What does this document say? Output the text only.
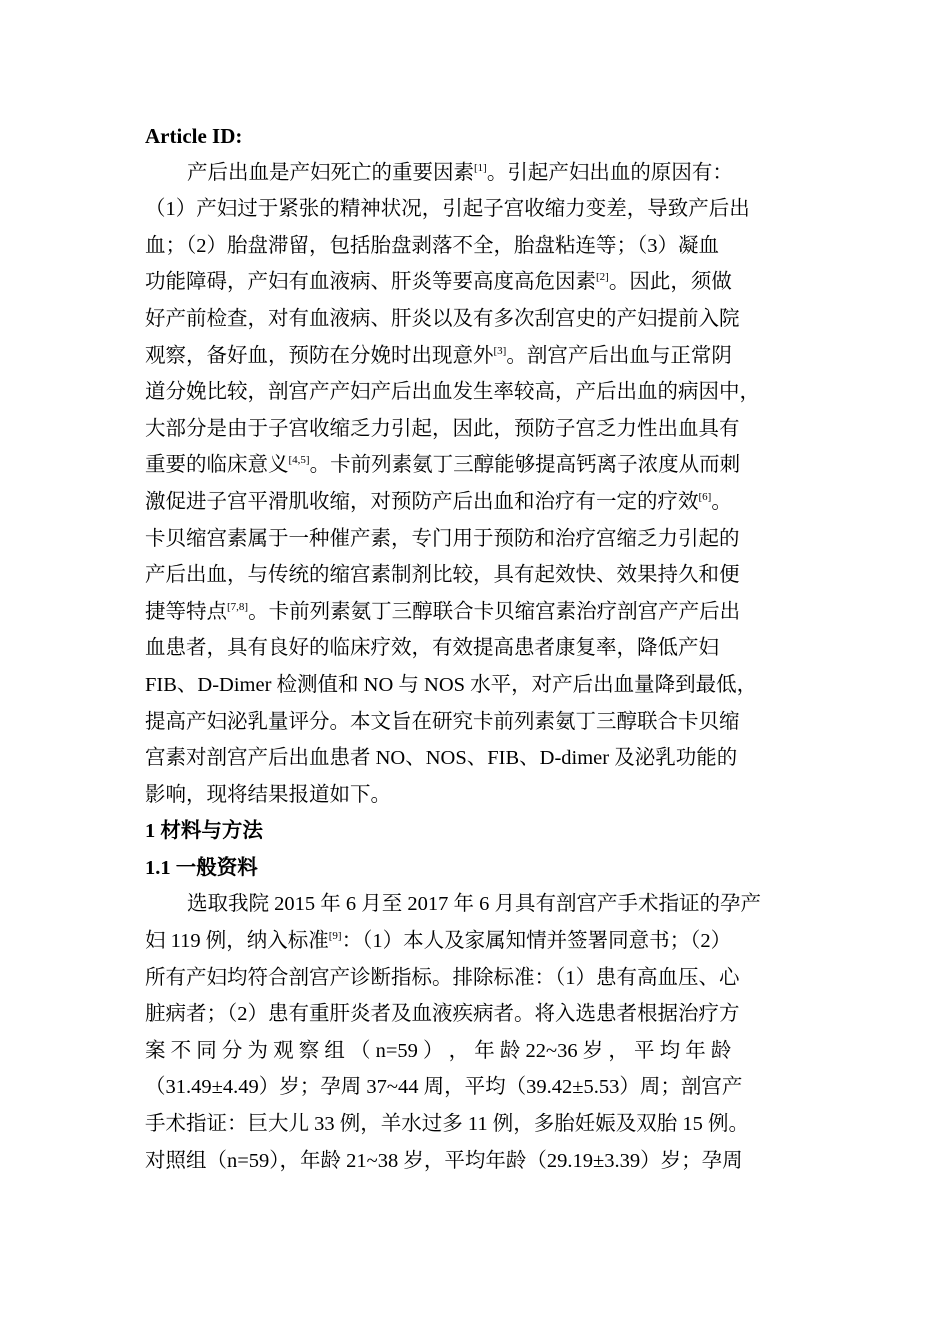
Article ID:
产后出血是产妇死亡的重要因素[1]。引起产妇出血的原因有：
（1）产妇过于紧张的精神状况，引起子宫收缩力变差，导致产后出
血；（2）胎盘滞留，包括胎盘剥落不全，胎盘粘连等；（3）凝血
功能障碍，产妇有血液病、肝炎等要高度高危因素[2]。因此，须做
好产前检查，对有血液病、肝炎以及有多次刮宫史的产妇提前入院
观察，备好血，预防在分娩时出现意外[3]。剖宫产后出血与正常阴
道分娩比较，剖宫产产妇产后出血发生率较高，产后出血的病因中，
大部分是由于子宫收缩乏力引起，因此，预防子宫乏力性出血具有
重要的临床意义[4,5]。卡前列素氨丁三醇能够提高钙离子浓度从而刺
激促进子宫平滑肌收缩，对预防产后出血和治疗有一定的疗效[6]。
卡贝缩宫素属于一种催产素，专门用于预防和治疗宫缩乏力引起的
产后出血，与传统的缩宫素制剂比较，具有起效快、效果持久和便
捷等特点[7,8]。卡前列素氨丁三醇联合卡贝缩宫素治疗剖宫产产后出
血患者，具有良好的临床疗效，有效提高患者康复率，降低产妇
FIB、D-Dimer 检测值和 NO 与 NOS 水平，对产后出血量降到最低，
提高产妇泌乳量评分。本文旨在研究卡前列素氨丁三醇联合卡贝缩
宫素对剖宫产后出血患者 NO、NOS、FIB、D-dimer 及泌乳功能的
影响，现将结果报道如下。
1 材料与方法
1.1 一般资料
选取我院 2015 年 6 月至 2017 年 6 月具有剖宫产手术指证的孕产
妇 119 例，纳入标准[9]：（1）本人及家属知情并签署同意书；（2）
所有产妇均符合剖宫产诊断指标。排除标准：（1）患有高血压、心
脏病者；（2）患有重肝炎者及血液疾病者。将入选患者根据治疗方
案 不 同 分 为 观 察 组 （ n=59 ） ， 年 龄 22~36 岁 ， 平 均 年 龄
（31.49±4.49）岁；孕周 37~44 周，平均（39.42±5.53）周；剖宫产
手术指证：巨大儿 33 例，羊水过多 11 例，多胎妊娠及双胎 15 例。
对照组（n=59），年龄 21~38 岁，平均年龄（29.19±3.39）岁；孕周
